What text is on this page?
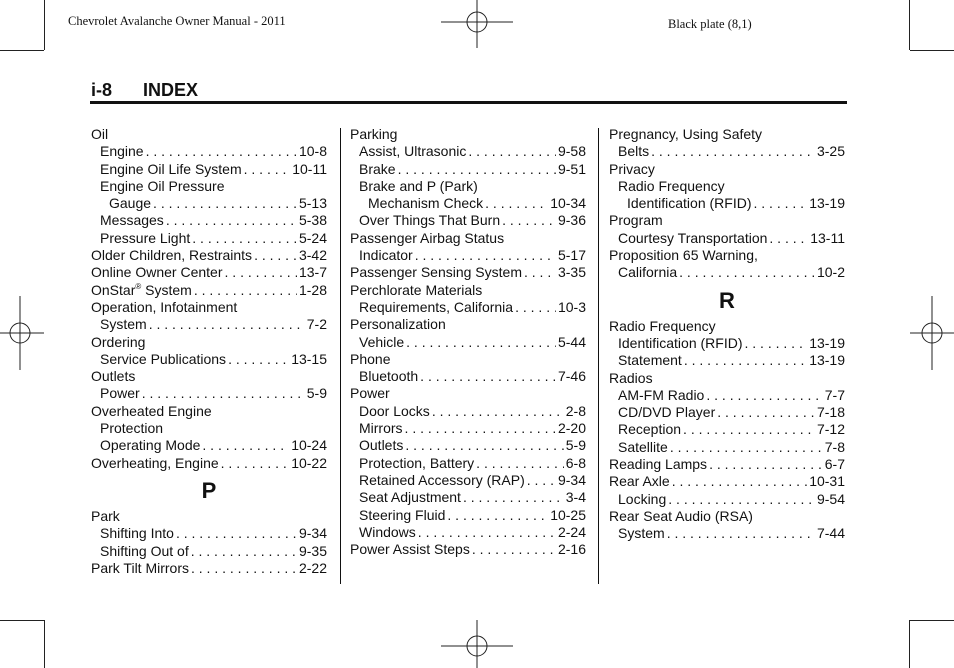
Chevrolet Avalanche Owner Manual - 2011	Black plate (8,1)
i-8 INDEX
Oil
Engine . . .	10-8
Engine Oil Life System . . .	10-11
Engine Oil Pressure
Gauge . . .	5-13
Messages . . .	5-38
Pressure Light . . .	5-24
Older Children, Restraints . . .	3-42
Online Owner Center . . .	13-7
OnStar® System . . .	1-28
Operation, Infotainment
System . . .	7-2
Ordering
Service Publications . . .	13-15
Outlets
Power . . .	5-9
Overheated Engine
Protection
Operating Mode . . .	10-24
Overheating, Engine . . .	10-22
P
Park
Shifting Into . . .	9-34
Shifting Out of . . .	9-35
Park Tilt Mirrors . . .	2-22
Parking
Assist, Ultrasonic . . .	9-58
Brake . . .	9-51
Brake and P (Park)
Mechanism Check . . .	10-34
Over Things That Burn . . .	9-36
Passenger Airbag Status
Indicator . . .	5-17
Passenger Sensing System . . .	3-35
Perchlorate Materials
Requirements, California . . .	10-3
Personalization
Vehicle . . .	5-44
Phone
Bluetooth . . .	7-46
Power
Door Locks . . .	2-8
Mirrors . . .	2-20
Outlets . . .	5-9
Protection, Battery . . .	6-8
Retained Accessory (RAP) . . . 9-34
Seat Adjustment . . .	3-4
Steering Fluid . . .	10-25
Windows . . .	2-24
Power Assist Steps . . .	2-16
Pregnancy, Using Safety
Belts . . .	3-25
Privacy
Radio Frequency
Identification (RFID) . . .	13-19
Program
Courtesy Transportation . . .	13-11
Proposition 65 Warning,
California . . .	10-2
R
Radio Frequency
Identification (RFID) . . .	13-19
Statement . . .	13-19
Radios
AM-FM Radio . . .	7-7
CD/DVD Player . . .	7-18
Reception . . .	7-12
Satellite . . .	7-8
Reading Lamps . . .	6-7
Rear Axle . . .	10-31
Locking . . .	9-54
Rear Seat Audio (RSA)
System . . .	7-44
